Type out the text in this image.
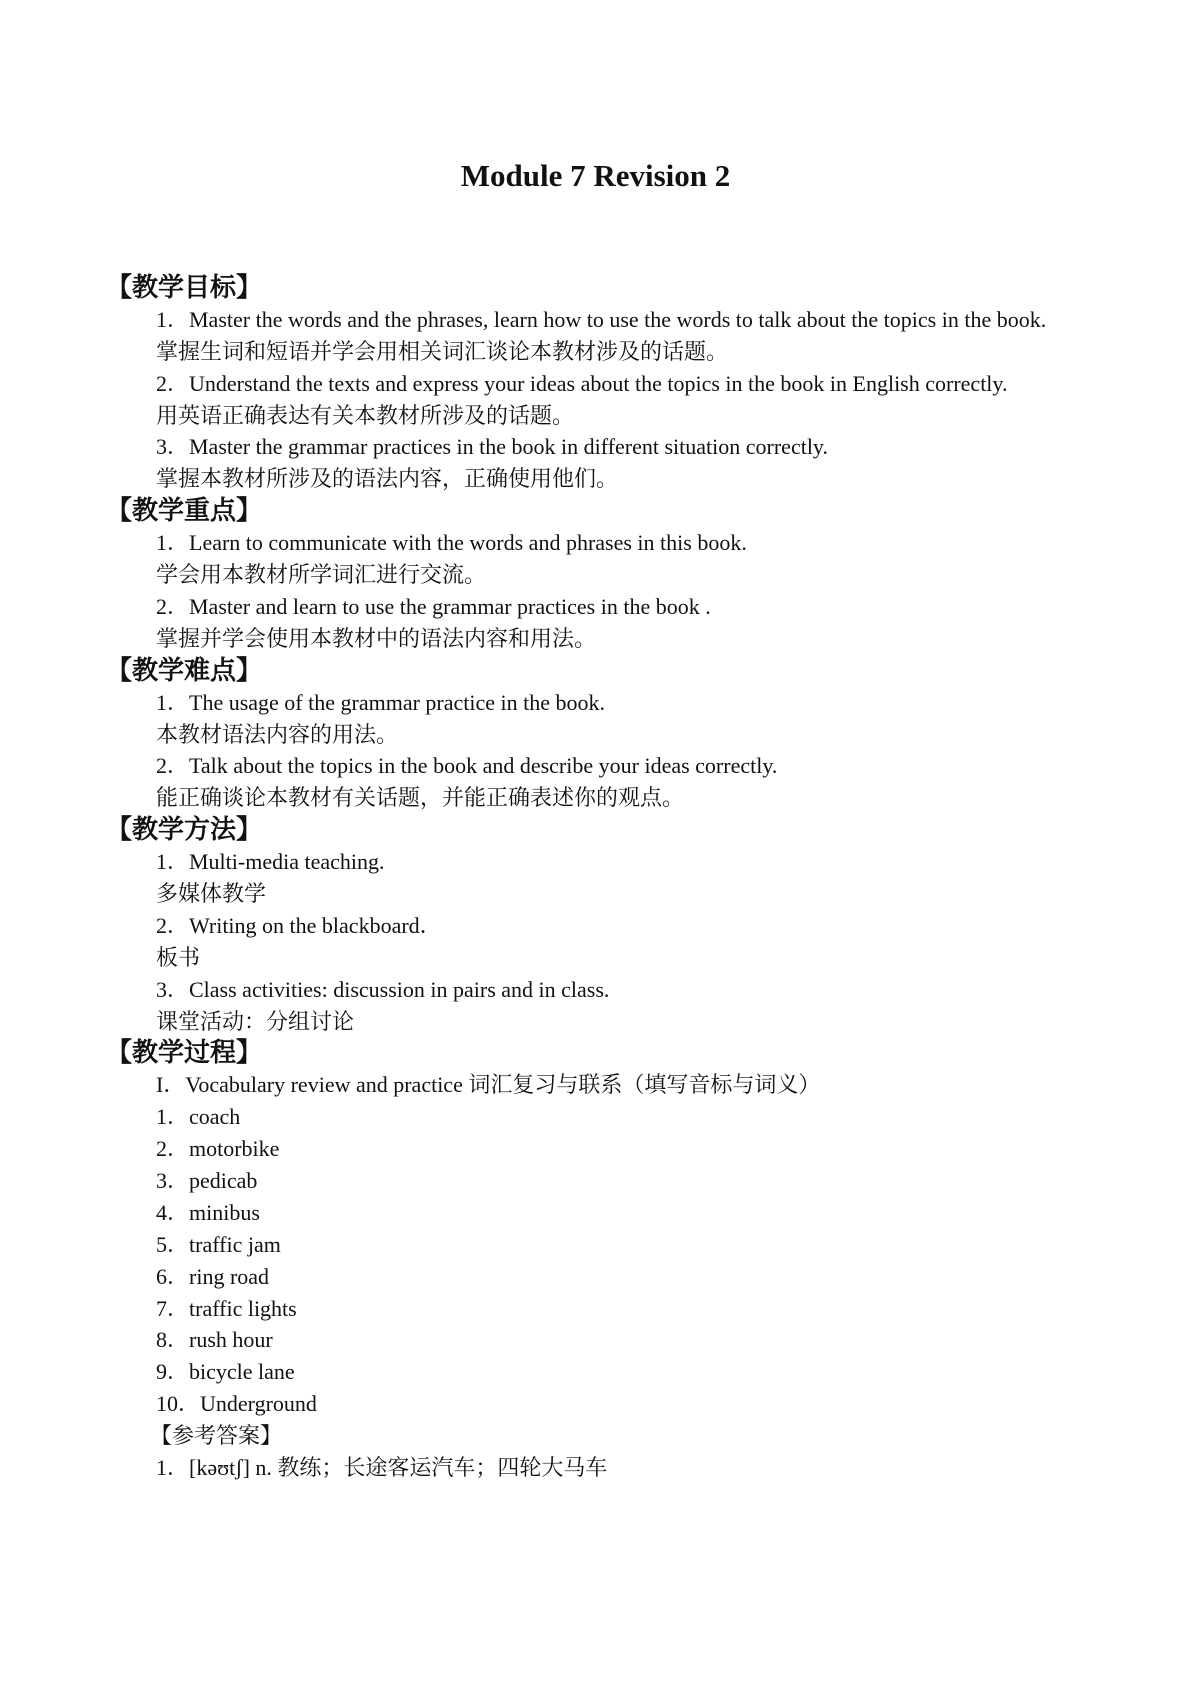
Module 7 Revision 2
【教学目标】

1．Master the words and the phrases, learn how to use the words to talk about the topics in the book.

掌握生词和短语并学会用相关词汇谈论本教材涉及的话题。

2．Understand the texts and express your ideas about the topics in the book in English correctly.

用英语正确表达有关本教材所涉及的话题。
3．Master the grammar practices in the book in different situation correctly.
掌握本教材所涉及的语法内容，正确使用他们。
【教学重点】
1．Learn to communicate with the words and phrases in this book.
学会用本教材所学词汇进行交流。
2．Master and learn to use the grammar practices in the book .
掌握并学会使用本教材中的语法内容和用法。
【教学难点】
1．The usage of the grammar practice in the book.
本教材语法内容的用法。
2．Talk about the topics in the book and describe your ideas correctly.
能正确谈论本教材有关话题，并能正确表述你的观点。
【教学方法】
1．Multi-media teaching.
多媒体教学
2．Writing on the blackboard．
板书
3．Class activities: discussion in pairs and in class.
课堂活动：分组讨论
【教学过程】
I．Vocabulary review and practice 词汇复习与联系（填写音标与词义）
1．coach
2．motorbike
3．pedicab
4．minibus
5．traffic jam
6．ring road
7．traffic lights
8．rush hour
9．bicycle lane
10．Underground
【参考答案】
1．[kəʊtʃ] n. 教练；长途客运汽车；四轮大马车
